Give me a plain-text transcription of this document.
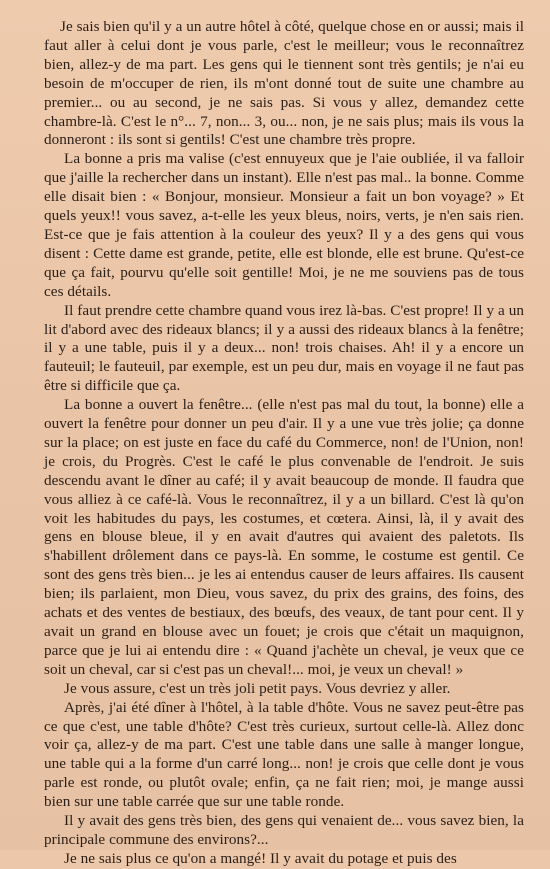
Je sais bien qu'il y a un autre hôtel à côté, quelque chose en or aussi; mais il faut aller à celui dont je vous parle, c'est le meilleur; vous le reconnaîtrez bien, allez-y de ma part. Les gens qui le tiennent sont très gentils; je n'ai eu besoin de m'occuper de rien, ils m'ont donné tout de suite une chambre au premier... ou au second, je ne sais pas. Si vous y allez, demandez cette chambre-là. C'est le n°... 7, non... 3, ou... non, je ne sais plus; mais ils vous la donneront : ils sont si gentils! C'est une chambre très propre.

La bonne a pris ma valise (c'est ennuyeux que je l'aie oubliée, il va falloir que j'aille la rechercher dans un instant). Elle n'est pas mal.. la bonne. Comme elle disait bien : « Bonjour, monsieur. Monsieur a fait un bon voyage? » Et quels yeux!! vous savez, a-t-elle les yeux bleus, noirs, verts, je n'en sais rien. Est-ce que je fais attention à la couleur des yeux? Il y a des gens qui vous disent : Cette dame est grande, petite, elle est blonde, elle est brune. Qu'est-ce que ça fait, pourvu qu'elle soit gentille! Moi, je ne me souviens pas de tous ces détails.

Il faut prendre cette chambre quand vous irez là-bas. C'est propre! Il y a un lit d'abord avec des rideaux blancs; il y a aussi des rideaux blancs à la fenêtre; il y a une table, puis il y a deux... non! trois chaises. Ah! il y a encore un fauteuil; le fauteuil, par exemple, est un peu dur, mais en voyage il ne faut pas être si difficile que ça.

La bonne a ouvert la fenêtre... (elle n'est pas mal du tout, la bonne) elle a ouvert la fenêtre pour donner un peu d'air. Il y a une vue très jolie; ça donne sur la place; on est juste en face du café du Commerce, non! de l'Union, non! je crois, du Progrès. C'est le café le plus convenable de l'endroit. Je suis descendu avant le dîner au café; il y avait beaucoup de monde. Il faudra que vous alliez à ce café-là. Vous le reconnaîtrez, il y a un billard. C'est là qu'on voit les habitudes du pays, les costumes, et cœtera. Ainsi, là, il y avait des gens en blouse bleue, il y en avait d'autres qui avaient des paletots. Ils s'habillent drôlement dans ce pays-là. En somme, le costume est gentil. Ce sont des gens très bien... je les ai entendus causer de leurs affaires. Ils causent bien; ils parlaient, mon Dieu, vous savez, du prix des grains, des foins, des achats et des ventes de bestiaux, des bœufs, des veaux, de tant pour cent. Il y avait un grand en blouse avec un fouet; je crois que c'était un maquignon, parce que je lui ai entendu dire : « Quand j'achète un cheval, je veux que ce soit un cheval, car si c'est pas un cheval!... moi, je veux un cheval! »

Je vous assure, c'est un très joli petit pays. Vous devriez y aller.

Après, j'ai été dîner à l'hôtel, à la table d'hôte. Vous ne savez peut-être pas ce que c'est, une table d'hôte? C'est très curieux, surtout celle-là. Allez donc voir ça, allez-y de ma part. C'est une table dans une salle à manger longue, une table qui a la forme d'un carré long... non! je crois que celle dont je vous parle est ronde, ou plutôt ovale; enfin, ça ne fait rien; moi, je mange aussi bien sur une table carrée que sur une table ronde.

Il y avait des gens très bien, des gens qui venaient de... vous savez bien, la principale commune des environs?...

Je ne sais plus ce qu'on a mangé! Il y avait du potage et puis des
